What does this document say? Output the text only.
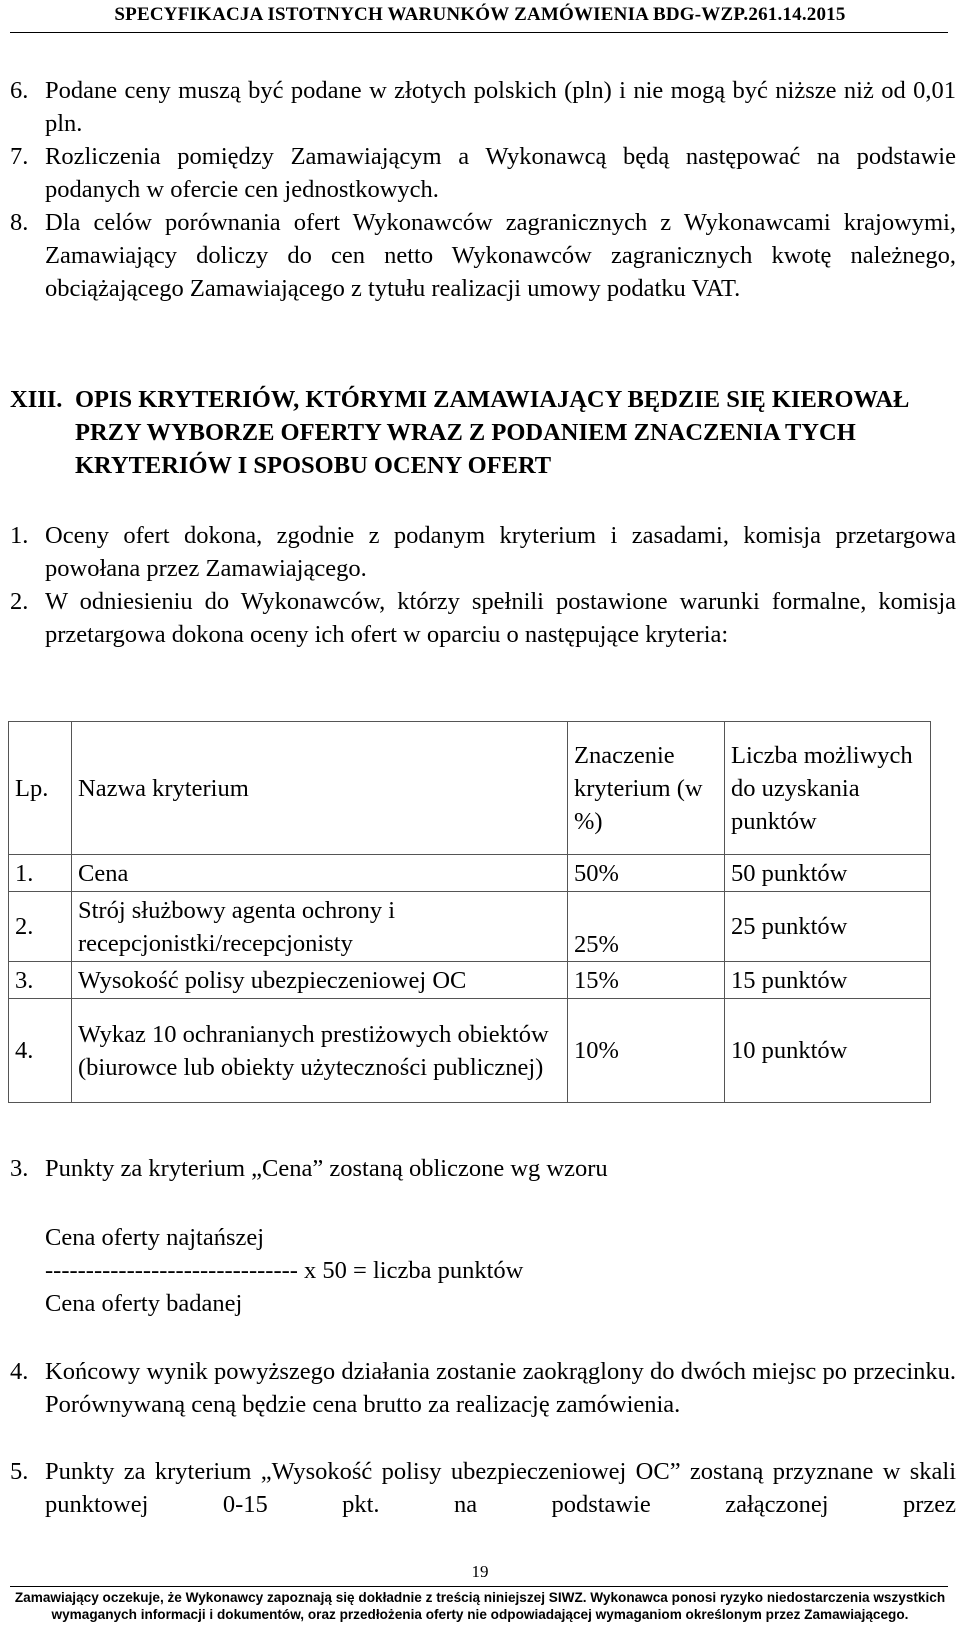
SPECYFIKACJA ISTOTNYCH WARUNKÓW ZAMÓWIENIA BDG-WZP.261.14.2015
6. Podane ceny muszą być podane w złotych polskich (pln) i nie mogą być niższe niż od 0,01 pln.
7. Rozliczenia pomiędzy Zamawiającym a Wykonawcą będą następować na podstawie podanych w ofercie cen jednostkowych.
8. Dla celów porównania ofert Wykonawców zagranicznych z Wykonawcami krajowymi, Zamawiający doliczy do cen netto Wykonawców zagranicznych kwotę należnego, obciążającego Zamawiającego z tytułu realizacji umowy podatku VAT.
XIII. OPIS KRYTERIÓW, KTÓRYMI ZAMAWIAJĄCY BĘDZIE SIĘ KIEROWAŁ PRZY WYBORZE OFERTY WRAZ Z PODANIEM ZNACZENIA TYCH KRYTERIÓW I SPOSOBU OCENY OFERT
1. Oceny ofert dokona, zgodnie z podanym kryterium i zasadami, komisja przetargowa powołana przez Zamawiającego.
2. W odniesieniu do Wykonawców, którzy spełnili postawione warunki formalne, komisja przetargowa dokona oceny ich ofert w oparciu o następujące kryteria:
Lp.	Nazwa kryterium	Znaczenie kryterium (w %)	Liczba możliwych do uzyskania punktów
1.	Cena	50%	50 punktów
2.	Strój służbowy agenta ochrony i recepcjonistki/recepcjonisty	25%	25 punktów
3.	Wysokość polisy ubezpieczeniowej OC	15%	15 punktów
4.	Wykaz 10 ochranianych prestiżowych obiektów (biurowce lub obiekty użyteczności publicznej)	10%	10 punktów
3. Punkty za kryterium „Cena” zostaną obliczone wg wzoru
Cena oferty najtańszej
------------------------------- x 50 = liczba punktów
Cena oferty badanej
4. Końcowy wynik powyższego działania zostanie zaokrąglony do dwóch miejsc po przecinku. Porównywaną ceną będzie cena brutto za realizację zamówienia.
5. Punkty za kryterium „Wysokość polisy ubezpieczeniowej OC” zostaną przyznane w skali punktowej 0-15 pkt. na podstawie załączonej przez
19
Zamawiający oczekuje, że Wykonawcy zapoznają się dokładnie z treścią niniejszej SIWZ. Wykonawca ponosi ryzyko niedostarczenia wszystkich wymaganych informacji i dokumentów, oraz przedłożenia oferty nie odpowiadającej wymaganiom określonym przez Zamawiającego.
